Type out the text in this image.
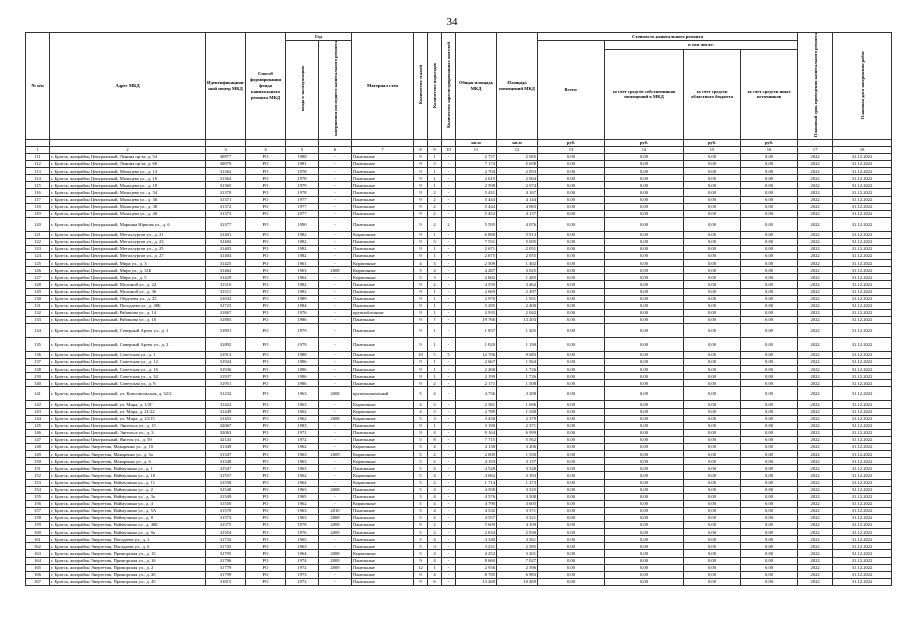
34
№ п/п	Адрес МКД	Идентификацион-ный номер МКД	Способ формирования фонда капитального ремонта МКД	Год		Материал стен	Количество этажей	Количество подъездов	Количество зарегистрированных жителей	Общая площадь МКД	Площадь помещений МКД	Стоимость капитального ремонта				Плановый срок проведения капитального ремонта	Плановая дата завершения работ
				ввода в эксплуатацию	завершения последнего капитального ремонта							Всего:	в том числе:				
													за счет средств собственников помещений в МКД	за счет средств областного бюджета	за счет средств иных источников		
										кв.м	кв.м	руб.	руб.	руб.	руб.		
1	2	3	4	5	6	7	8	9	10	11	12	13	14	15	16	17	18
111	г. Братск, жилрайон Центральный, Ленина пр-кт, д. 54	30877	РО	1980	-	Панельные	9	1	-	2 757	2 065	0,00	0,00	0,00	0,00	2022	31.12.2022
112	г. Братск, жилрайон Центральный, Ленина пр-кт, д. 60	30879	РО	1981	-	Панельные	9	3	-	7 174	5 658	0,00	0,00	0,00	0,00	2022	31.12.2022
113	г. Братск, жилрайон Центральный, Мальцева ул., д. 14	31362	РО	1978	-	Панельные	9	1	-	2 704	2 053	0,00	0,00	0,00	0,00	2022	31.12.2022
114	г. Братск, жилрайон Центральный, Мальцева ул., д. 16	31364	РО	1978	-	Панельные	9	1	-	2 615	2 064	0,00	0,00	0,00	0,00	2022	31.12.2022
115	г. Братск, жилрайон Центральный, Мальцева ул., д. 18	31365	РО	1979	-	Панельные	9	1	-	2 598	2 074	0,00	0,00	0,00	0,00	2022	31.12.2022
116	г. Братск, жилрайон Центральный, Мальцева ул., д. 34	31370	РО	1978	-	Панельные	9	2	-	5 431	4 167	0,00	0,00	0,00	0,00	2022	31.12.2022
117	г. Братск, жилрайон Центральный, Мальцева ул., д. 36	31371	РО	1977	-	Панельные	9	2	-	5 444	4 144	0,00	0,00	0,00	0,00	2022	31.12.2022
118	г. Братск, жилрайон Центральный, Мальцева ул., д. 38	31372	РО	1977	-	Панельные	9	2	-	5 444	4 083	0,00	0,00	0,00	0,00	2022	31.12.2022
119	г. Братск, жилрайон Центральный, Мальцева ул., д. 40	31373	РО	1977	-	Панельные	9	2	-	5 452	4 137	0,00	0,00	0,00	0,00	2022	31.12.2022
120	г. Братск, жилрайон Центральный, Мариана Юркова ул., д. 6	31377	РО	1990	-	Панельные	9	2	2	5 595	4 076	0,00	0,00	0,00	0,00	2022	31.12.2022
121	г. Братск, жилрайон Центральный, Металлургов ул., д. 21	31401	РО	1982	-	Кирпичные	9	1	-	6 880	5 913	0,00	0,00	0,00	0,00	2022	31.12.2022
122	г. Братск, жилрайон Центральный, Металлургов ул., д. 23	31402	РО	1982	-	Панельные	9	3	-	7 531	5 695	0,00	0,00	0,00	0,00	2022	31.12.2022
123	г. Братск, жилрайон Центральный, Металлургов ул., д. 25	31403	РО	1982	-	Панельные	9	1	-	2 671	2 051	0,00	0,00	0,00	0,00	2022	31.12.2022
124	г. Братск, жилрайон Центральный, Металлургов ул., д. 27	31404	РО	1982	-	Панельные	9	1	-	2 675	2 055	0,00	0,00	0,00	0,00	2022	31.12.2022
125	г. Братск, жилрайон Центральный, Мира ул., д. 3	31425	РО	1961	-	Кирпичные	4	3	-	2 509	1 402	0,00	0,00	0,00	0,00	2022	31.12.2022
126	г. Братск, жилрайон Центральный, Мира ул., д. 31Б	31462	РО	1963	2008	Кирпичные	5	4	-	4 287	3 025	0,00	0,00	0,00	0,00	2022	31.12.2022
127	г. Братск, жилрайон Центральный, Мира ул., д. 5	31429	РО	1964	-	Кирпичные	5	3	-	2 602	1 485	0,00	0,00	0,00	0,00	2022	31.12.2022
128	г. Братск, жилрайон Центральный, Мухиной ул., д. 22	31510	РО	1982	-	Панельные	9	2	-	4 559	3 462	0,00	0,00	0,00	0,00	2022	31.12.2022
129	г. Братск, жилрайон Центральный, Мухиной ул., д. 36	31511	РО	1982	-	Панельные	9	1	-	2 669	2 497	0,00	0,00	0,00	0,00	2022	31.12.2022
130	г. Братск, жилрайон Центральный, Обручева ул., д. 25	31632	РО	1989	-	Панельные	9	1	-	2 970	1 931	0,00	0,00	0,00	0,00	2022	31.12.2022
131	г. Братск, жилрайон Центральный, Погодаева ул., д. 48Б	31723	РО	1984	-	Панельные	9	1	-	3 285	2 400	0,00	0,00	0,00	0,00	2022	31.12.2022
132	г. Братск, жилрайон Центральный, Рябинова ул., д. 14	31867	РО	1976	-	крупноблочные	9	1	-	2 935	2 042	0,00	0,00	0,00	0,00	2022	31.12.2022
133	г. Братск, жилрайон Центральный, Рябинова ул., д. 16	31883	РО	1986	-	Панельные	9	7	-	19 766	13 203	0,00	0,00	0,00	0,00	2022	31.12.2022
134	г. Братск, жилрайон Центральный, Северный Артек ул., д. 1	31891	РО	1979	-	Панельные	9	1	-	1 837	1 205	0,00	0,00	0,00	0,00	2022	31.12.2022
135	г. Братск, жилрайон Центральный, Северный Артек ул., д. 2	31892	РО	1979	-	Панельные	9	1	-	1 820	1 190	0,00	0,00	0,00	0,00	2022	31.12.2022
136	г. Братск, жилрайон Центральный, Советская ул., д. 1	31913	РО	1988	-	Панельные	10	5	5	12 706	9 683	0,00	0,00	0,00	0,00	2022	31.12.2022
137	г. Братск, жилрайон Центральный, Советская ул., д. 12	31924	РО	1986	-	Панельные	9	1	-	2 667	1 564	0,00	0,00	0,00	0,00	2022	31.12.2022
138	г. Братск, жилрайон Центральный, Советская ул., д. 16	31936	РО	1986	-	Панельные	9	1	-	2 260	1 726	0,00	0,00	0,00	0,00	2022	31.12.2022
139	г. Братск, жилрайон Центральный, Советская ул., д. 32	31937	РО	1986	-	Панельные	9	1	-	2 199	1 726	0,00	0,00	0,00	0,00	2022	31.12.2022
140	г. Братск, жилрайон Центральный, Советская ул., д. 8	31951	РО	1986	-	Панельные	9	2	-	2 171	1 508	0,00	0,00	0,00	0,00	2022	31.12.2022
141	г. Братск, жилрайон Центральный, ул. Комсомольская, д. 32/2	31232	РО	1963	2008	крупнопанельный	5	4	-	4 736	3 298	0,00	0,00	0,00	0,00	2022	31.12.2022
142	г. Братск, жилрайон Центральный, ул. Мира, д. 1/2Г	31422	РО	1963	-	Кирпичные	4	3	-	2 381	1 696	0,00	0,00	0,00	0,00	2022	31.12.2022
143	г. Братск, жилрайон Центральный, ул. Мира, д. 21/22	31449	РО	1962	-	Кирпичные	4	3	-	2 789	1 548	0,00	0,00	0,00	0,00	2022	31.12.2022
144	г. Братск, жилрайон Центральный, ул. Мира, д. 23/15	31453	РО	1962	2008	Кирпичные	5	3	-	3 430	2 379	0,00	0,00	0,00	0,00	2022	31.12.2022
145	г. Братск, жилрайон Центральный, Энгельса ул., д. 15	32067	РО	1983	-	Панельные	9	1	-	3 190	2 371	0,00	0,00	0,00	0,00	2022	31.12.2022
146	г. Братск, жилрайон Центральный, Энгельса ул., д. 3	32063	РО	1971	-	Панельные	9	4	-	9 164	6 999	0,00	0,00	0,00	0,00	2022	31.12.2022
147	г. Братск, жилрайон Центральный, Янгеля ул., д. 59	32143	РО	1972	-	Панельные	5	8	-	7 715	5 562	0,00	0,00	0,00	0,00	2022	31.12.2022
148	г. Братск, жилрайон Энергетик, Макаренко ул., д. 10	31349	РО	1962	-	Кирпичные	5	4	-	4 138	3 206	0,00	0,00	0,00	0,00	2022	31.12.2022
149	г. Братск, жилрайон Энергетик, Макаренко ул., д. 5а	31347	РО	1963	2009	Кирпичные	5	2	-	2 009	1 550	0,00	0,00	0,00	0,00	2022	31.12.2022
150	г. Братск, жилрайон Энергетик, Макаренко ул., д. 6	31348	РО	1963	-	Кирпичные	5	4	-	4 103	3 137	0,00	0,00	0,00	0,00	2022	31.12.2022
151	г. Братск, жилрайон Энергетик, Наймушина ул., д. 1	31547	РО	1963	-	Панельные	5	4	-	4 528	3 528	0,00	0,00	0,00	0,00	2022	31.12.2022
152	г. Братск, жилрайон Энергетик, Наймушина ул., д. 10	31557	РО	1962	-	Кирпичные	5	4	-	4 062	3 183	0,00	0,00	0,00	0,00	2022	31.12.2022
153	г. Братск, жилрайон Энергетик, Наймушина ул., д. 11	31558	РО	1964	-	Кирпичные	5	2	-	1 714	1 273	0,00	0,00	0,00	0,00	2022	31.12.2022
154	г. Братск, жилрайон Энергетик, Наймушина ул., д. 2	31548	РО	1963	2008	Панельные	5	4	-	4 558	3 525	0,00	0,00	0,00	0,00	2022	31.12.2022
155	г. Братск, жилрайон Энергетик, Наймушина ул., д. 3а	31549	РО	1965	-	Панельные	5	4	-	4 576	3 508	0,00	0,00	0,00	0,00	2022	31.12.2022
156	г. Братск, жилрайон Энергетик, Наймушина ул., д. 4	31550	РО	1962	-	Кирпичные	5	4	-	4 790	3 605	0,00	0,00	0,00	0,00	2022	31.12.2022
157	г. Братск, жилрайон Энергетик, Наймушина ул., д. 5А	31570	РО	1963	2010	Панельные	5	4	-	4 532	3 571	0,00	0,00	0,00	0,00	2022	31.12.2022
158	г. Братск, жилрайон Энергетик, Наймушина ул., д. 8	31573	РО	1963	2008	Панельные	5	4	-	4 557	3 521	0,00	0,00	0,00	0,00	2022	31.12.2022
159	г. Братск, жилрайон Энергетик, Наймушина ул., д. 40Б	31575	РО	1978	2008	Панельные	9	2	-	5 609	4 109	0,00	0,00	0,00	0,00	2022	31.12.2022
160	г. Братск, жилрайон Энергетик, Наймушина ул., д. 9а	31554	РО	1976	2009	Панельные	5	2	-	2 634	2 030	0,00	0,00	0,00	0,00	2022	31.12.2022
161	г. Братск, жилрайон Энергетик, Погодаева ул., д. 2	31732	РО	1965	-	Панельные	5	4	-	4 340	3 561	0,00	0,00	0,00	0,00	2022	31.12.2022
162	г. Братск, жилрайон Энергетик, Погодаева ул., д. 6	31745	РО	1963	-	Панельные	5	3	-	3 231	2 385	0,00	0,00	0,00	0,00	2022	31.12.2022
163	г. Братск, жилрайон Энергетик, Приморская ул., д. 15	31795	РО	1964	2008	Кирпичные	5	4	-	4 252	3 201	0,00	0,00	0,00	0,00	2022	31.12.2022
164	г. Братск, жилрайон Энергетик, Приморская ул., д. 16	31796	РО	1974	2009	Панельные	9	4	-	8 660	7 027	0,00	0,00	0,00	0,00	2022	31.12.2022
165	г. Братск, жилрайон Энергетик, Приморская ул., д. 2	31779	РО	1972	2009	Панельные	12	1	-	2 936	2 396	0,00	0,00	0,00	0,00	2022	31.12.2022
166	г. Братск, жилрайон Энергетик, Приморская ул., д. 20	31799	РО	1973	-	Панельные	9	4	-	8 785	6 983	0,00	0,00	0,00	0,00	2022	31.12.2022
167	г. Братск, жилрайон Энергетик, Приморская ул., д. 45	31815	РО	1972	-	Панельные	9	6	-	13 269	10 469	0,00	0,00	0,00	0,00	2022	31.12.2022
